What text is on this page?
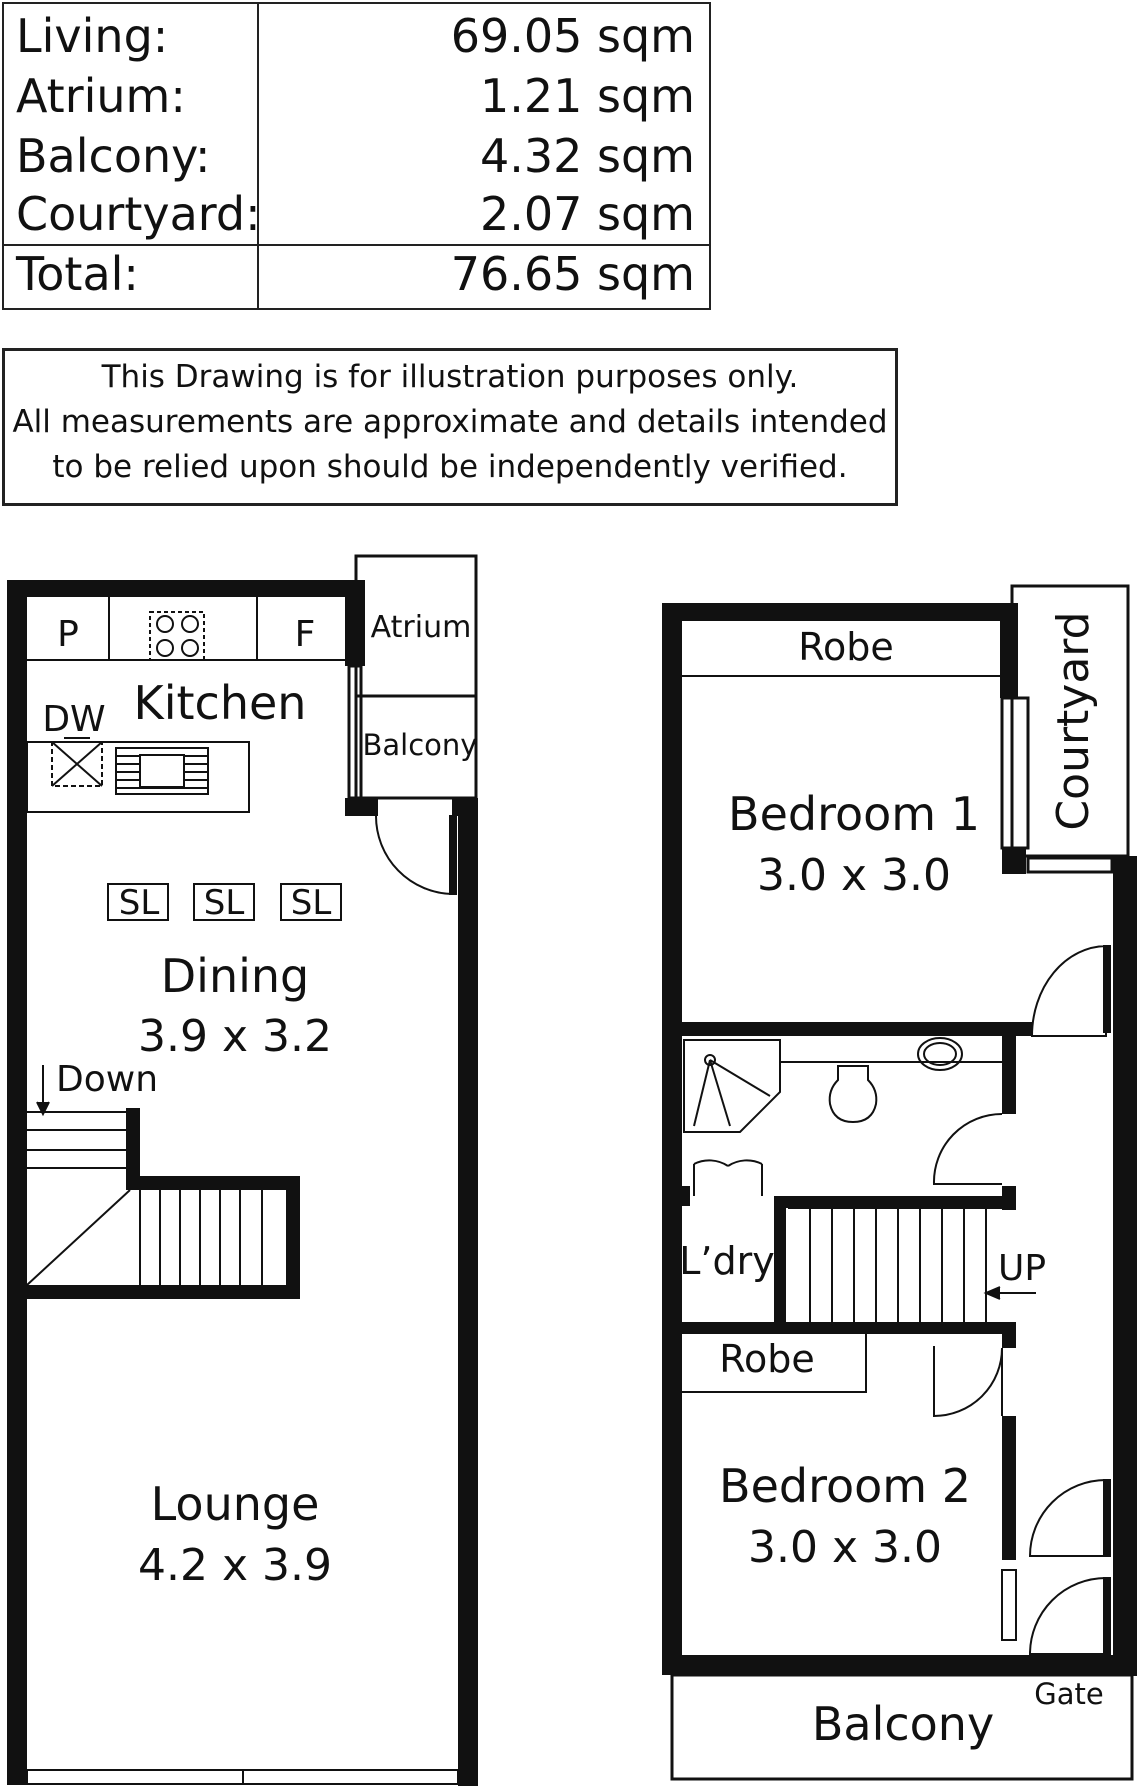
Living:	69.05 sqm
Atrium:	1.21 sqm
Balcony:	4.32 sqm
Courtyard:	2.07 sqm
Total:	76.65 sqm
This Drawing is for illustration purposes only.
All measurements are approximate and details intended
to be relied upon should be independently verified.
P	F
Kitchen
DW
Atrium
Balcony
SL SL SL
Dining
3.9 x 3.2
Down
Lounge
4.2 x 3.9
Robe	Courtyard
Bedroom 1
3.0 x 3.0
L’dry	UP
Robe
Bedroom 2
3.0 x 3.0
Gate
Balcony
